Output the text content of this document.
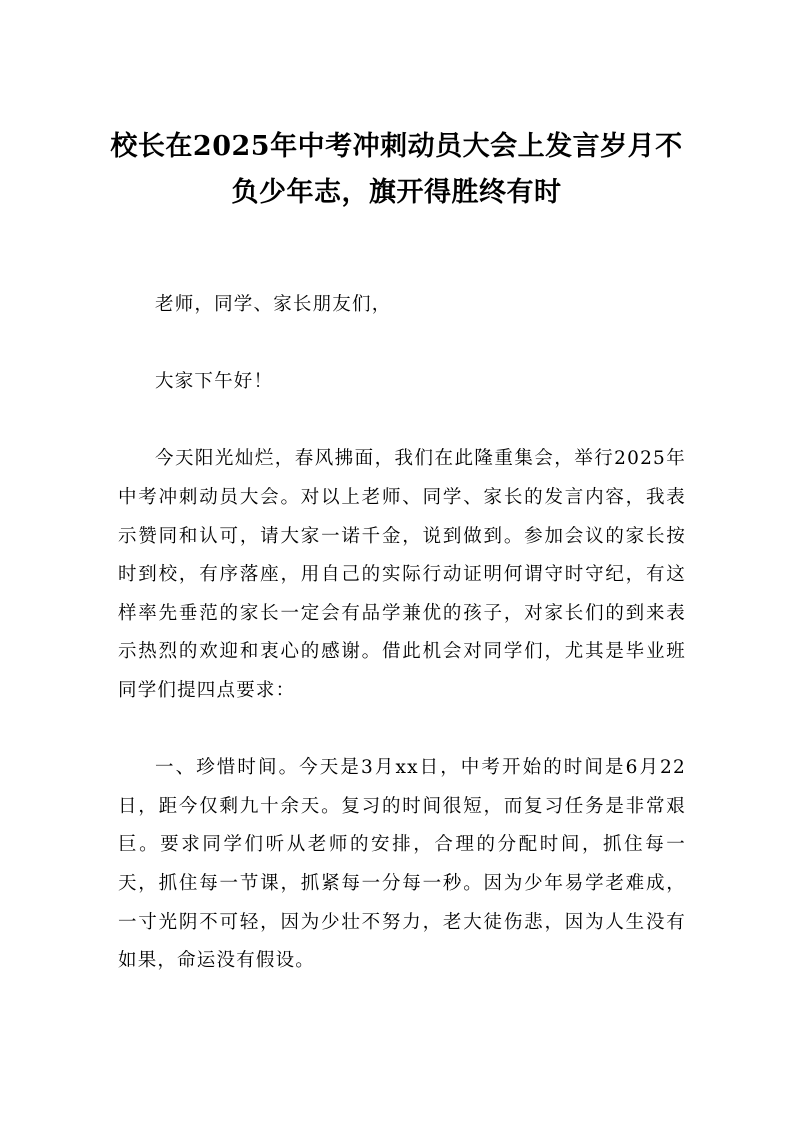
校长在2025年中考冲刺动员大会上发言岁月不负少年志，旗开得胜终有时

老师，同学、家长朋友们，

大家下午好！

今天阳光灿烂，春风拂面，我们在此隆重集会，举行2025年中考冲刺动员大会。对以上老师、同学、家长的发言内容，我表示赞同和认可，请大家一诺千金，说到做到。参加会议的家长按时到校，有序落座，用自己的实际行动证明何谓守时守纪，有这样率先垂范的家长一定会有品学兼优的孩子，对家长们的到来表示热烈的欢迎和衷心的感谢。借此机会对同学们，尤其是毕业班同学们提四点要求：

一、珍惜时间。今天是3月xx日，中考开始的时间是6月22日，距今仅剩九十余天。复习的时间很短，而复习任务是非常艰巨。要求同学们听从老师的安排，合理的分配时间，抓住每一天，抓住每一节课，抓紧每一分每一秒。因为少年易学老难成，一寸光阴不可轻，因为少壮不努力，老大徒伤悲，因为人生没有如果，命运没有假设。
